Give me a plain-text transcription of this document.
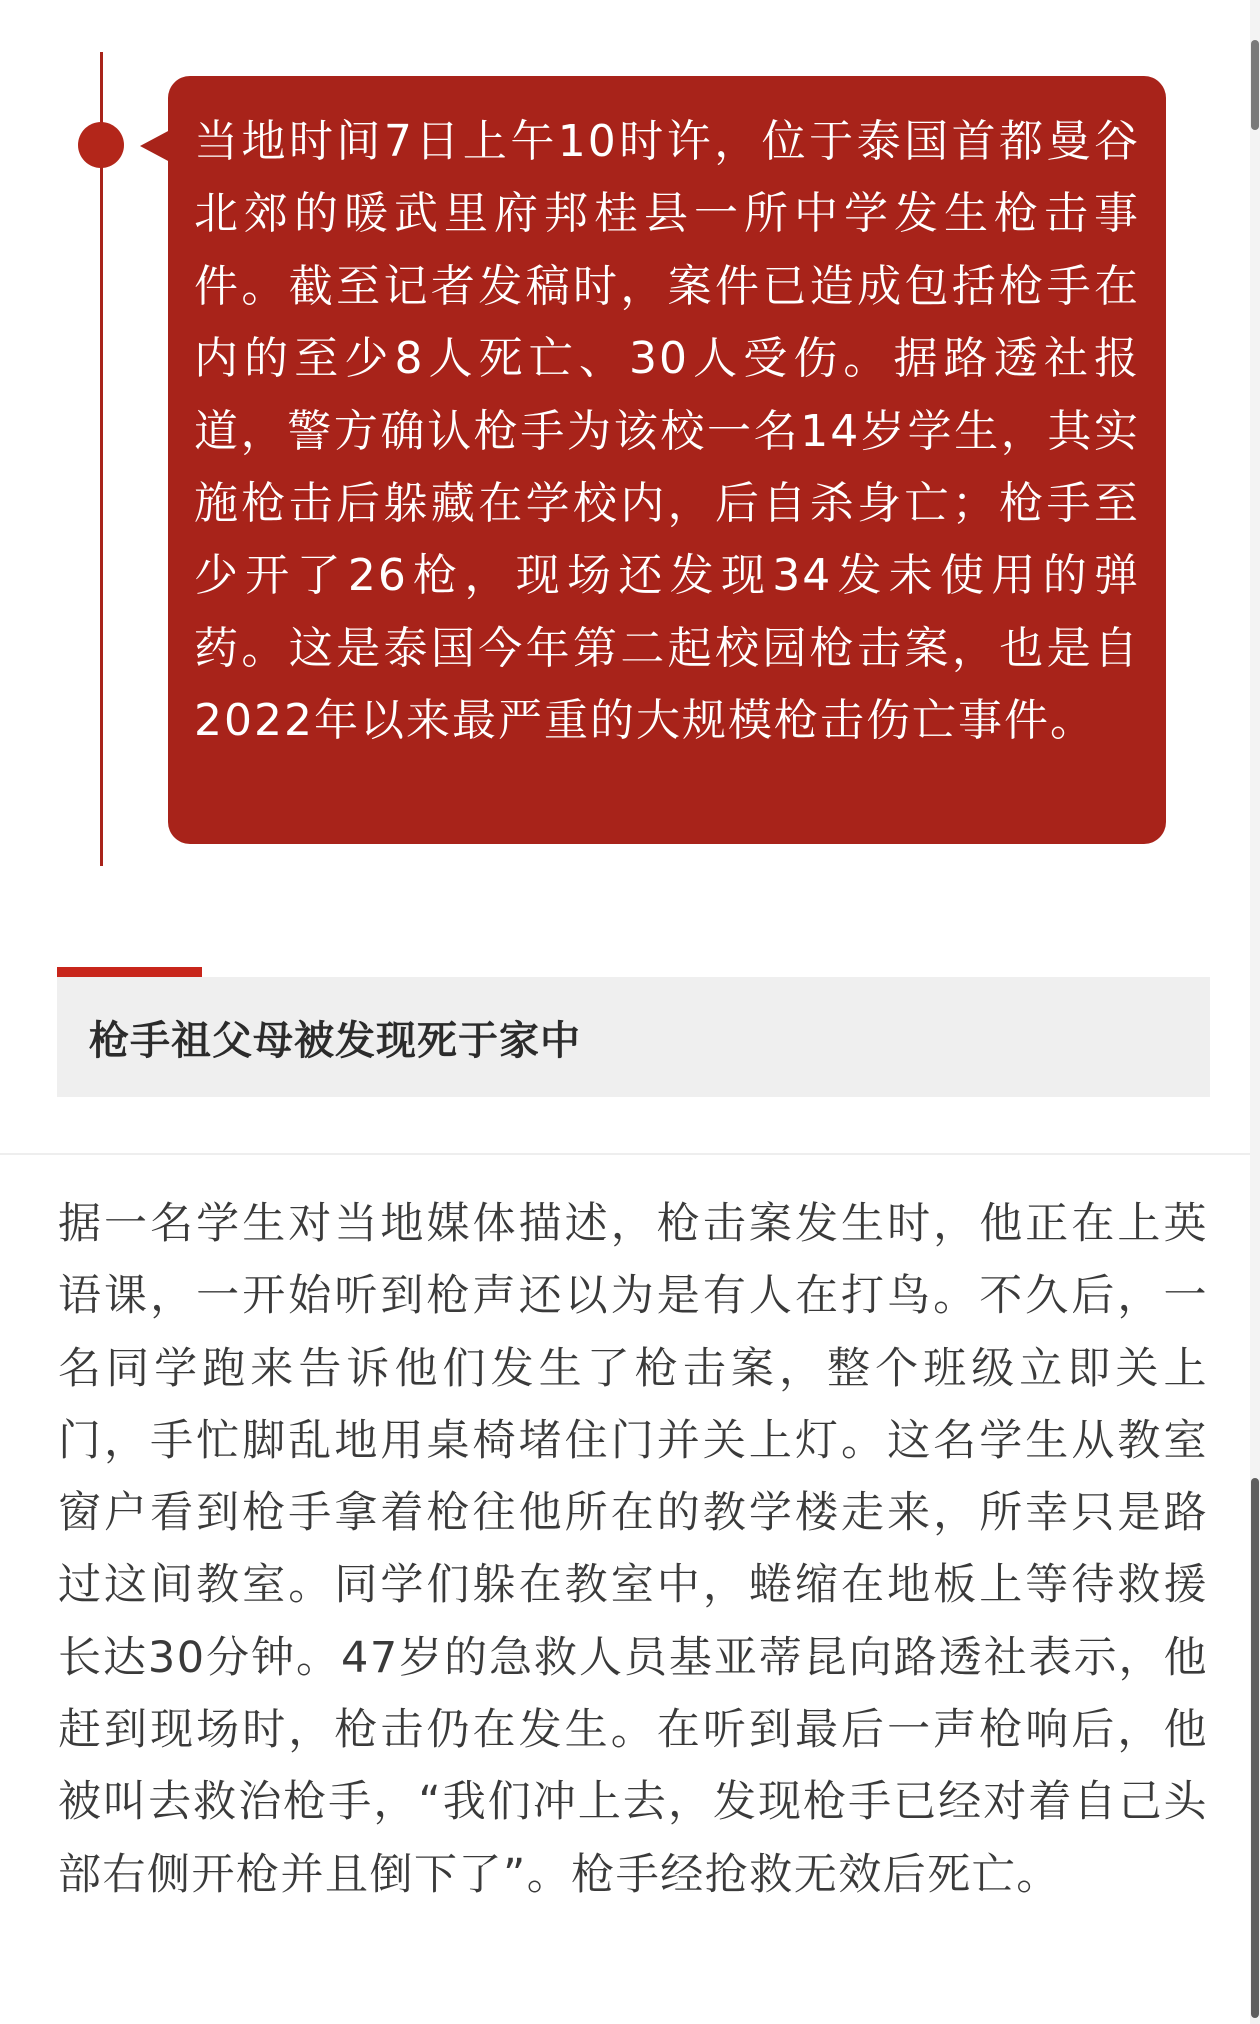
当地时间7日上午10时许，位于泰国首都曼谷北郊的暖武里府邦桂县一所中学发生枪击事件。截至记者发稿时，案件已造成包括枪手在内的至少8人死亡、30人受伤。据路透社报道，警方确认枪手为该校一名14岁学生，其实施枪击后躲藏在学校内，后自杀身亡；枪手至少开了26枪，现场还发现34发未使用的弹药。这是泰国今年第二起校园枪击案，也是自2022年以来最严重的大规模枪击伤亡事件。
枪手祖父母被发现死于家中

据一名学生对当地媒体描述，枪击案发生时，他正在上英语课，一开始听到枪声还以为是有人在打鸟。不久后，一名同学跑来告诉他们发生了枪击案，整个班级立即关上门，手忙脚乱地用桌椅堵住门并关上灯。这名学生从教室窗户看到枪手拿着枪往他所在的教学楼走来，所幸只是路过这间教室。同学们躲在教室中，蜷缩在地板上等待救援长达30分钟。47岁的急救人员基亚蒂昆向路透社表示，他赶到现场时，枪击仍在发生。在听到最后一声枪响后，他被叫去救治枪手，“我们冲上去，发现枪手已经对着自己头部右侧开枪并且倒下了”。枪手经抢救无效后死亡。
